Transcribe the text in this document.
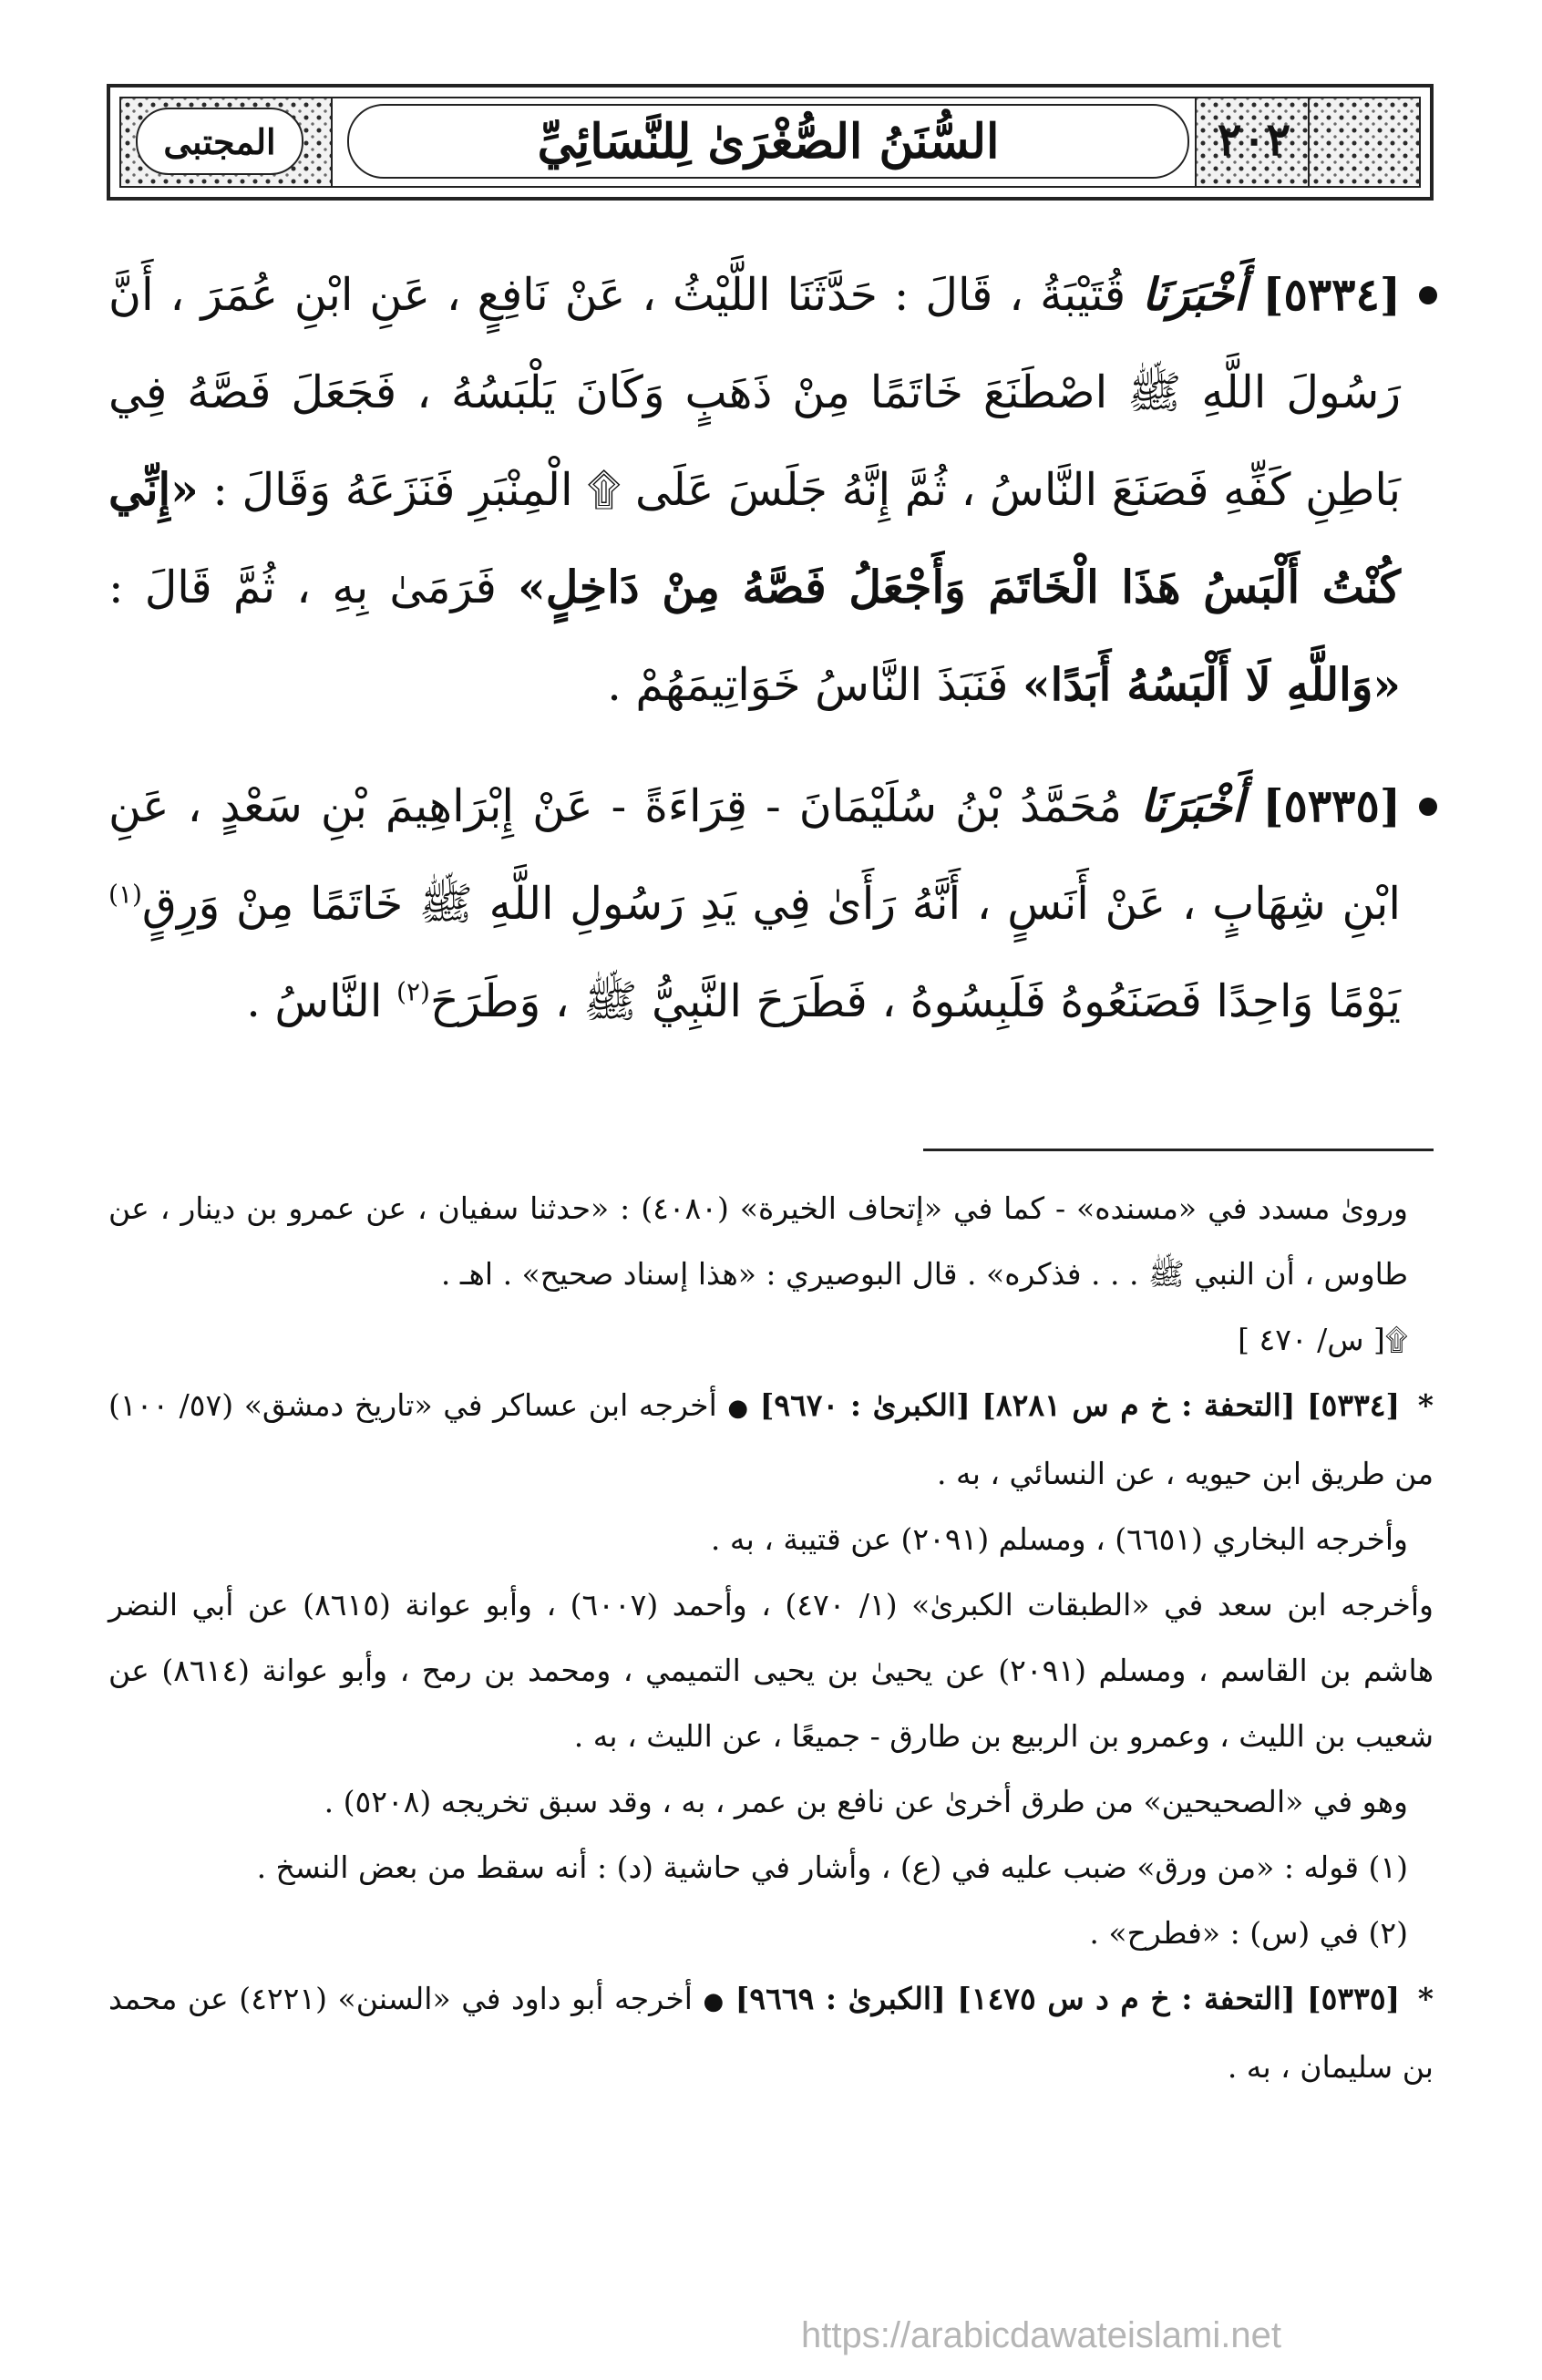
المجتبى	السُّنَنُ الصُّغْرَىٰ لِلنَّسَائِيِّ	٢٠٢

[٥٣٣٤] أَخْبَرَنَا قُتَيْبَةُ ، قَالَ : حَدَّثَنَا اللَّيْثُ ، عَنْ نَافِعٍ ، عَنِ ابْنِ عُمَرَ ، أَنَّ رَسُولَ اللَّهِ ﷺ اصْطَنَعَ خَاتَمًا مِنْ ذَهَبٍ وَكَانَ يَلْبَسُهُ ، فَجَعَلَ فَصَّهُ فِي بَاطِنِ كَفِّهِ فَصَنَعَ النَّاسُ ، ثُمَّ إِنَّهُ جَلَسَ عَلَى ۩ الْمِنْبَرِ فَنَزَعَهُ وَقَالَ : «إِنِّي كُنْتُ أَلْبَسُ هَذَا الْخَاتَمَ وَأَجْعَلُ فَصَّهُ مِنْ دَاخِلٍ» فَرَمَىٰ بِهِ ، ثُمَّ قَالَ : «وَاللَّهِ لَا أَلْبَسُهُ أَبَدًا» فَنَبَذَ النَّاسُ خَوَاتِيمَهُمْ .

[٥٣٣٥] أَخْبَرَنَا مُحَمَّدُ بْنُ سُلَيْمَانَ - قِرَاءَةً - عَنْ إِبْرَاهِيمَ بْنِ سَعْدٍ ، عَنِ ابْنِ شِهَابٍ ، عَنْ أَنَسٍ ، أَنَّهُ رَأَىٰ فِي يَدِ رَسُولِ اللَّهِ ﷺ خَاتَمًا مِنْ وَرِقٍ$^{(١)}$ يَوْمًا وَاحِدًا فَصَنَعُوهُ فَلَبِسُوهُ ، فَطَرَحَ النَّبِيُّ ﷺ ، وَطَرَحَ$^{(٢)}$ النَّاسُ .

وروىٰ مسدد في «مسنده» - كما في «إتحاف الخيرة» (٤٠٨٠) : «حدثنا سفيان ، عن عمرو بن دينار ، عن طاوس ، أن النبي ﷺ . . . فذكره» . قال البوصيري : «هذا إسناد صحيح» . اهـ .

۩[ س/ ٤٧٠ ]

* [٥٣٣٤] [التحفة : خ م س ٨٢٨١] [الكبرىٰ : ٩٦٧٠] ● أخرجه ابن عساكر في «تاريخ دمشق» (٥٧/ ١٠٠) من طريق ابن حيويه ، عن النسائي ، به .

وأخرجه البخاري (٦٦٥١) ، ومسلم (٢٠٩١) عن قتيبة ، به .

وأخرجه ابن سعد في «الطبقات الكبرىٰ» (١/ ٤٧٠) ، وأحمد (٦٠٠٧) ، وأبو عوانة (٨٦١٥) عن أبي النضر هاشم بن القاسم ، ومسلم (٢٠٩١) عن يحيىٰ بن يحيى التميمي ، ومحمد بن رمح ، وأبو عوانة (٨٦١٤) عن شعيب بن الليث ، وعمرو بن الربيع بن طارق - جميعًا ، عن الليث ، به .

وهو في «الصحيحين» من طرق أخرىٰ عن نافع بن عمر ، به ، وقد سبق تخريجه (٥٢٠٨) .

(١) قوله : «من ورق» ضبب عليه في (ع) ، وأشار في حاشية (د) : أنه سقط من بعض النسخ .

(٢) في (س) : «فطرح» .

* [٥٣٣٥] [التحفة : خ م د س ١٤٧٥] [الكبرىٰ : ٩٦٦٩] ● أخرجه أبو داود في «السنن» (٤٢٢١) عن محمد بن سليمان ، به .

https://arabicdawateislami.net
